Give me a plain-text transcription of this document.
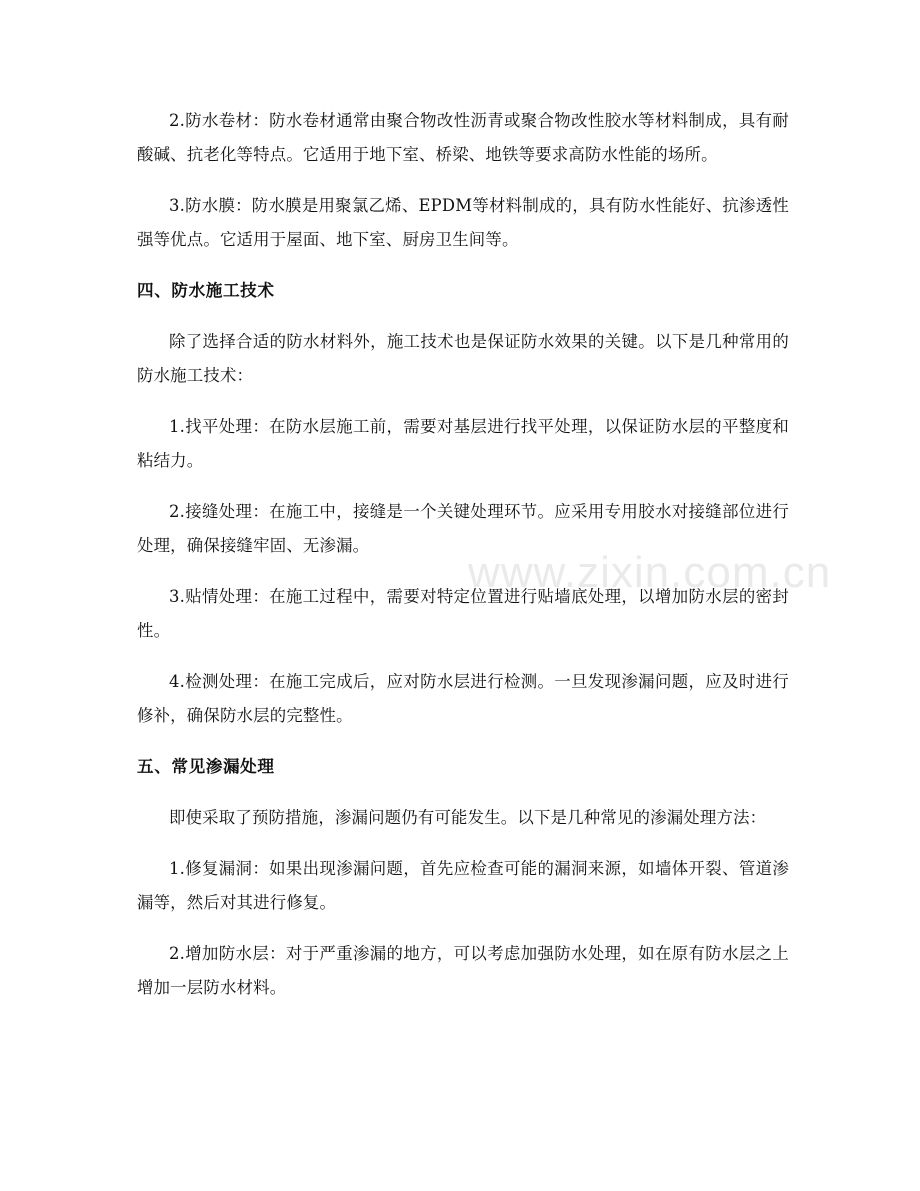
2.防水卷材：防水卷材通常由聚合物改性沥青或聚合物改性胶水等材料制成，具有耐酸碱、抗老化等特点。它适用于地下室、桥梁、地铁等要求高防水性能的场所。

3.防水膜：防水膜是用聚氯乙烯、EPDM等材料制成的，具有防水性能好、抗渗透性强等优点。它适用于屋面、地下室、厨房卫生间等。

四、防水施工技术

除了选择合适的防水材料外，施工技术也是保证防水效果的关键。以下是几种常用的防水施工技术：

1.找平处理：在防水层施工前，需要对基层进行找平处理，以保证防水层的平整度和粘结力。

2.接缝处理：在施工中，接缝是一个关键处理环节。应采用专用胶水对接缝部位进行处理，确保接缝牢固、无渗漏。

3.贴情处理：在施工过程中，需要对特定位置进行贴墙底处理，以增加防水层的密封性。

4.检测处理：在施工完成后，应对防水层进行检测。一旦发现渗漏问题，应及时进行修补，确保防水层的完整性。

五、常见渗漏处理

即使采取了预防措施，渗漏问题仍有可能发生。以下是几种常见的渗漏处理方法：

1.修复漏洞：如果出现渗漏问题，首先应检查可能的漏洞来源，如墙体开裂、管道渗漏等，然后对其进行修复。

2.增加防水层：对于严重渗漏的地方，可以考虑加强防水处理，如在原有防水层之上增加一层防水材料。

www.zixin.com.cn
